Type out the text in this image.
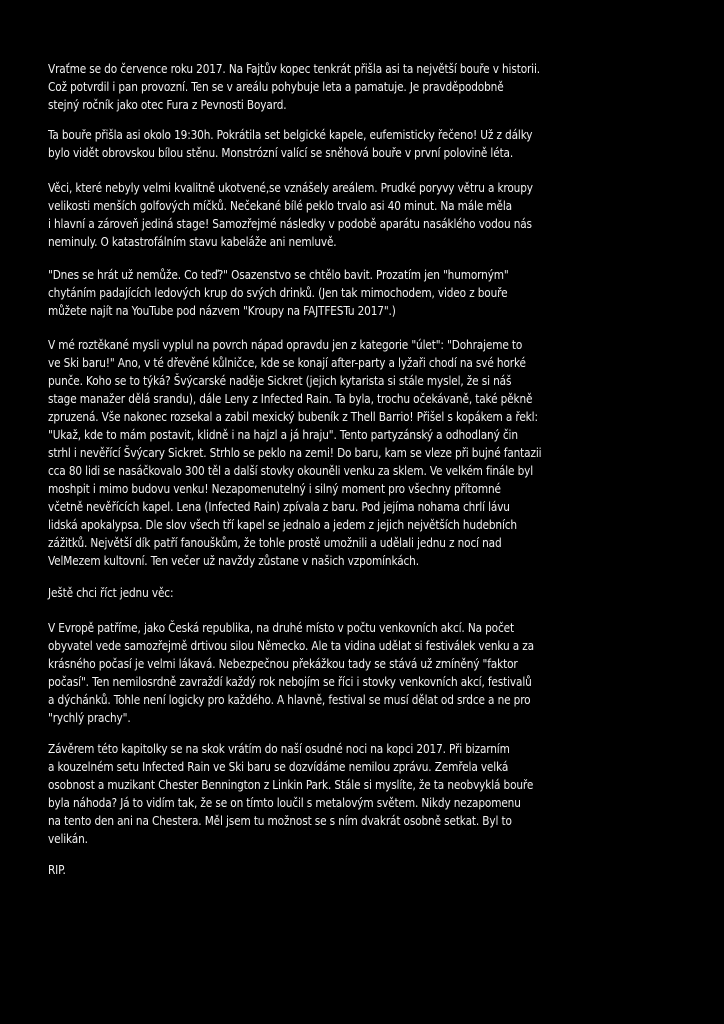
Vraťme se do července roku 2017. Na Fajtův kopec tenkrát přišla asi ta největší bouře v historii.
Což potvrdil i pan provozní. Ten se v areálu pohybuje leta a pamatuje. Je pravděpodobně
stejný ročník jako otec Fura z Pevnosti Boyard.
Ta bouře přišla asi okolo 19:30h. Pokrátila set belgické kapele, eufemisticky řečeno! Už z dálky
bylo vidět obrovskou bílou stěnu. Monstrózní valící se sněhová bouře v první polovině léta.
Věci, které nebyly velmi kvalitně ukotvené,se vznášely areálem. Prudké poryvy větru a kroupy
velikosti menších golfových míčků. Nečekané bílé peklo trvalo asi 40 minut. Na mále měla
i hlavní a zároveň jediná stage! Samozřejmé následky v podobě aparátu nasáklého vodou nás
neminuly. O katastrofálním stavu kabeláže ani nemluvě.
"Dnes se hrát už nemůže. Co teď?" Osazenstvo se chtělo bavit. Prozatím jen "humorným"
chytáním padajících ledových krup do svých drinků. (Jen tak mimochodem, video z bouře
můžete najít na YouTube pod názvem "Kroupy na FAJTFESTu 2017".)
V mé roztěkané mysli vyplul na povrch nápad opravdu jen z kategorie "úlet": "Dohrajeme to
ve Ski baru!" Ano, v té dřevěné kůlničce, kde se konají after-party a lyžaři chodí na své horké
punče. Koho se to týká? Švýcarské naděje Sickret (jejich kytarista si stále myslel, že si náš
stage manažer dělá srandu), dále Leny z Infected Rain. Ta byla, trochu očekávaně, také pěkně
zpruzená. Vše nakonec rozsekal a zabil mexický bubeník z Thell Barrio! Přišel s kopákem a řekl:
"Ukaž, kde to mám postavit, klidně i na hajzl a já hraju". Tento partyzánský a odhodlaný čin
strhl i nevěřící Švýcary Sickret. Strhlo se peklo na zemi! Do baru, kam se vleze při bujné fantazii
cca 80 lidi se nasáčkovalo 300 těl a další stovky okouněli venku za sklem. Ve velkém finále byl
moshpit i mimo budovu venku! Nezapomenutelný i silný moment pro všechny přítomné
včetně nevěřících kapel. Lena (Infected Rain) zpívala z baru. Pod jejíma nohama chrlí lávu
lidská apokalypsa. Dle slov všech tří kapel se jednalo a jedem z jejich největších hudebních
zážitků. Největší dík patří fanouškům, že tohle prostě umožnili a udělali jednu z nocí nad
VelMezem kultovní. Ten večer už navždy zůstane v našich vzpomínkách.
Ještě chci říct jednu věc:
V Evropě patříme, jako Česká republika, na druhé místo v počtu venkovních akcí. Na počet
obyvatel vede samozřejmě drtivou silou Německo. Ale ta vidina udělat si festiválek venku a za
krásného počasí je velmi lákavá. Nebezpečnou překážkou tady se stává už zmíněný "faktor
počasí". Ten nemilosrdně zavraždí každý rok nebojím se říci i stovky venkovních akcí, festivalů
a dýchánků. Tohle není logicky pro každého. A hlavně, festival se musí dělat od srdce a ne pro
"rychlý prachy".
Závěrem této kapitolky se na skok vrátím do naší osudné noci na kopci 2017. Při bizarním
a kouzelném setu Infected Rain ve Ski baru se dozvídáme nemilou zprávu. Zemřela velká
osobnost a muzikant Chester Bennington z Linkin Park. Stále si myslíte, že ta neobvyklá bouře
byla náhoda? Já to vidím tak, že se on tímto loučil s metalovým světem. Nikdy nezapomenu
na tento den ani na Chestera. Měl jsem tu možnost se s ním dvakrát osobně setkat. Byl to
velikán.
RIP.
